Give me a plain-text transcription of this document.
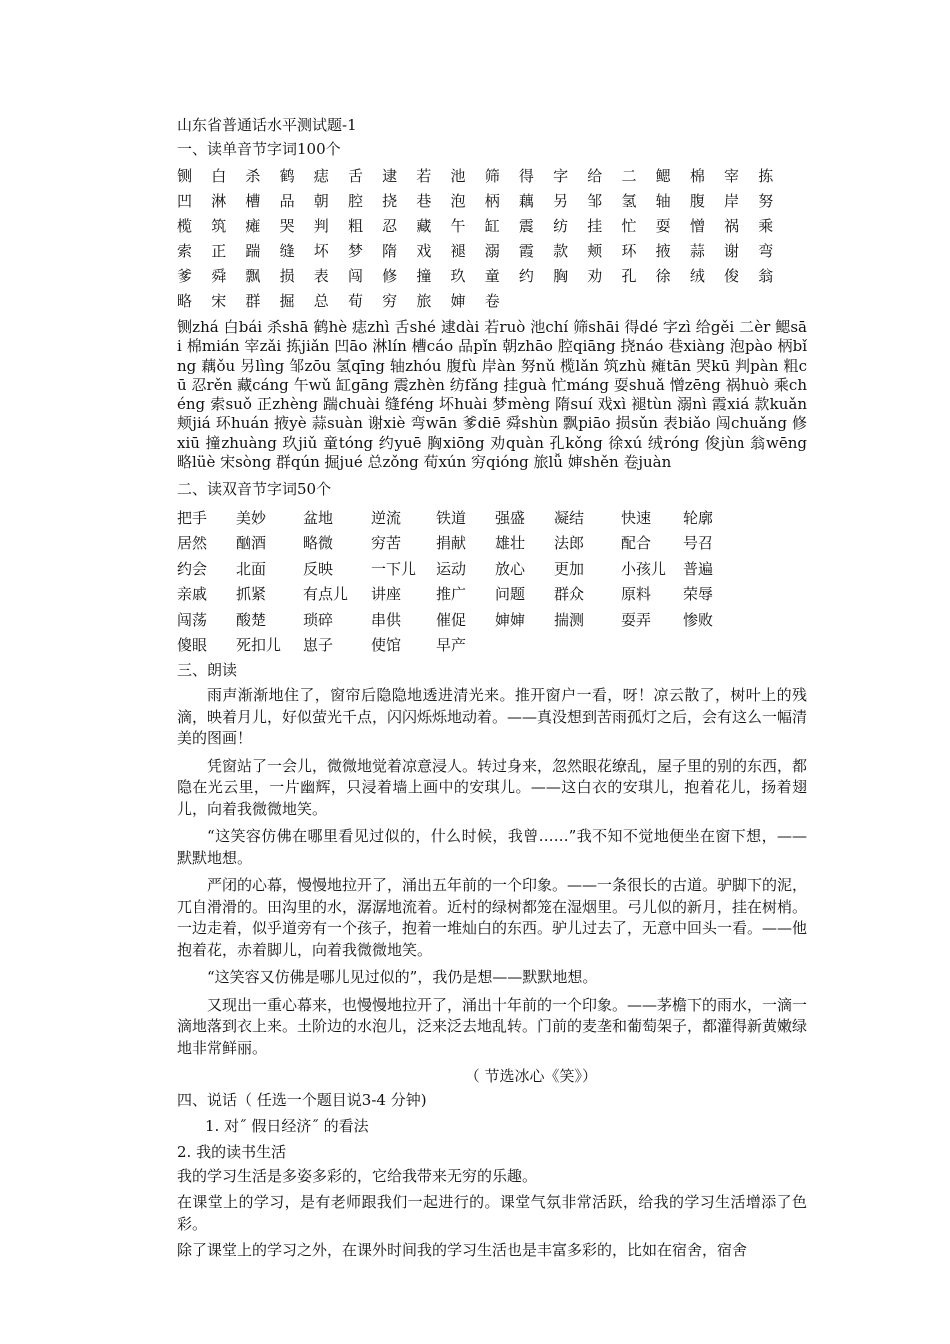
山东省普通话水平测试题-1
一、读单音节字词100个
铡	白	杀	鹤	痣	舌	逮	若	池	筛	得	字	给	二	鳃	棉	宰	拣
凹	淋	槽	品	朝	腔	挠	巷	泡	柄	藕	另	邹	氢	轴	腹	岸	努
榄	筑	瘫	哭	判	粗	忍	藏	午	缸	震	纺	挂	忙	耍	憎	祸	乘
索	正	踹	缝	坏	梦	隋	戏	褪	溺	霞	款	颊	环	掖	蒜	谢	弯
爹	舜	飘	损	表	闯	修	撞	玖	童	约	胸	劝	孔	徐	绒	俊	翁
略	宋	群	掘	总	荀	穷	旅	婶	卷
铡zhá 白bái 杀shā 鹤hè 痣zhì 舌shé 逮dài 若ruò 池chí 筛shāi 得dé 字zì 给gěi 二èr 鳃sāi 棉mián 宰zǎi 拣jiǎn 凹āo 淋lín 槽cáo 品pǐn 朝zhāo 腔qiāng 挠náo 巷xiàng 泡pào 柄bǐng 藕ǒu 另lìng 邹zōu 氢qīng 轴zhóu 腹fù 岸àn 努nǔ 榄lǎn 筑zhù 瘫tān 哭kū 判pàn 粗cū 忍rěn 藏cáng 午wǔ 缸gāng 震zhèn 纺fǎng 挂guà 忙máng 耍shuǎ 憎zēng 祸huò 乘chéng 索suǒ 正zhèng 踹chuài 缝féng 坏huài 梦mèng 隋suí 戏xì 褪tùn 溺nì 霞xiá 款kuǎn 颊jiá 环huán 掖yè 蒜suàn 谢xiè 弯wān 爹diē 舜shùn 飘piāo 损sǔn 表biǎo 闯chuǎng 修xiū 撞zhuàng 玖jiǔ 童tóng 约yuē 胸xiōng 劝quàn 孔kǒng 徐xú 绒róng 俊jùn 翁wēng 略lüè 宋sòng 群qún 掘jué 总zǒng 荀xún 穷qióng 旅lǚ 婶shěn 卷juàn
二、读双音节字词50个
把手	美妙	盆地	逆流	铁道	强盛	凝结	快速	轮廓
居然	酗酒	略微	穷苦	捐献	雄壮	法郎	配合	号召
约会	北面	反映	一下儿	运动	放心	更加	小孩儿	普遍
亲戚	抓紧	有点儿	讲座	推广	问题	群众	原料	荣辱
闯荡	酸楚	琐碎	串供	催促	婶婶	揣测	耍弄	惨败
傻眼	死扣儿	崽子	使馆	早产
三、朗读

雨声渐渐地住了，窗帘后隐隐地透进清光来。推开窗户一看，呀！凉云散了，树叶上的残滴，映着月儿，好似萤光千点，闪闪烁烁地动着。——真没想到苦雨孤灯之后，会有这么一幅清美的图画！

凭窗站了一会儿，微微地觉着凉意浸人。转过身来，忽然眼花缭乱，屋子里的别的东西，都隐在光云里，一片幽辉，只浸着墙上画中的安琪儿。——这白衣的安琪儿，抱着花儿，扬着翅儿，向着我微微地笑。

“这笑容仿佛在哪里看见过似的，什么时候，我曾……”我不知不觉地便坐在窗下想，——默默地想。

严闭的心幕，慢慢地拉开了，涌出五年前的一个印象。——一条很长的古道。驴脚下的泥，兀自滑滑的。田沟里的水，潺潺地流着。近村的绿树都笼在湿烟里。弓儿似的新月，挂在树梢。一边走着，似乎道旁有一个孩子，抱着一堆灿白的东西。驴儿过去了，无意中回头一看。——他抱着花，赤着脚儿，向着我微微地笑。

“这笑容又仿佛是哪儿见过似的”，我仍是想——默默地想。

又现出一重心幕来，也慢慢地拉开了，涌出十年前的一个印象。——茅檐下的雨水，一滴一滴地落到衣上来。土阶边的水泡儿，泛来泛去地乱转。门前的麦垄和葡萄架子，都灌得新黄嫩绿地非常鲜丽。

（ 节选冰心《笑》）
四、说话（ 任选一个题目说3-4 分钟)
1. 对˝ 假日经济˝ 的看法
2. 我的读书生活

我的学习生活是多姿多彩的，它给我带来无穷的乐趣。

在课堂上的学习，是有老师跟我们一起进行的。课堂气氛非常活跃，给我的学习生活增添了色彩。

除了课堂上的学习之外，在课外时间我的学习生活也是丰富多彩的，比如在宿舍，宿舍
